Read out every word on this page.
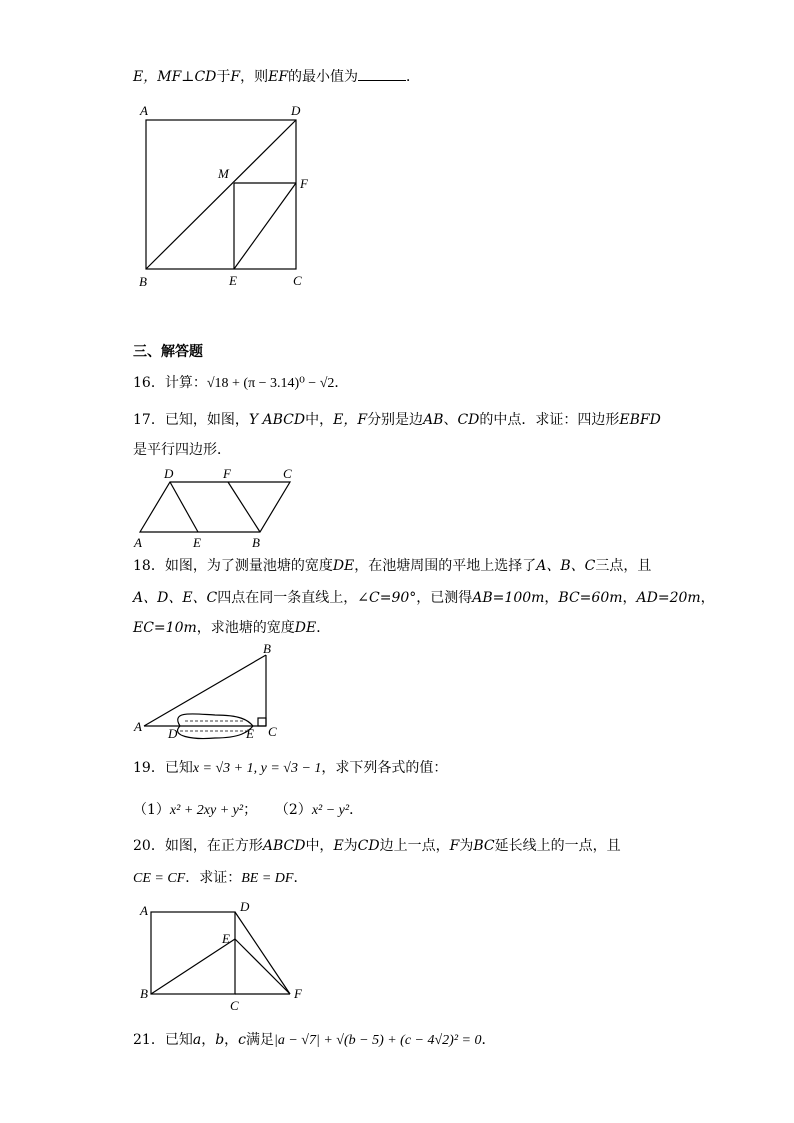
E，MF⊥CD于F，则EF的最小值为	．
A	D
M
F
B	E	C
三、解答题
16．计算：√18 + (π − 3.14)⁰ − √2．
17．已知，如图，Y ABCD中，E，F分别是边AB、CD的中点．求证：四边形EBFD
是平行四边形．
D	F	C
A	E	B
18．如图，为了测量池塘的宽度DE，在池塘周围的平地上选择了A、B、C三点，且
A、D、E、C四点在同一条直线上，∠C=90°，已测得AB=100m，BC=60m，AD=20m，
EC=10m，求池塘的宽度DE．
B
A D	E C
19．已知x = √3 + 1, y = √3 − 1，求下列各式的值：
（1）x² + 2xy + y²； （2）x² − y²．
20．如图，在正方形ABCD中，E为CD边上一点，F为BC延长线上的一点，且
CE = CF．求证：BE = DF．
A	D
E
B
C
F
21．已知a，b，c满足|a − √7| + √(b − 5) + (c − 4√2)² = 0．
